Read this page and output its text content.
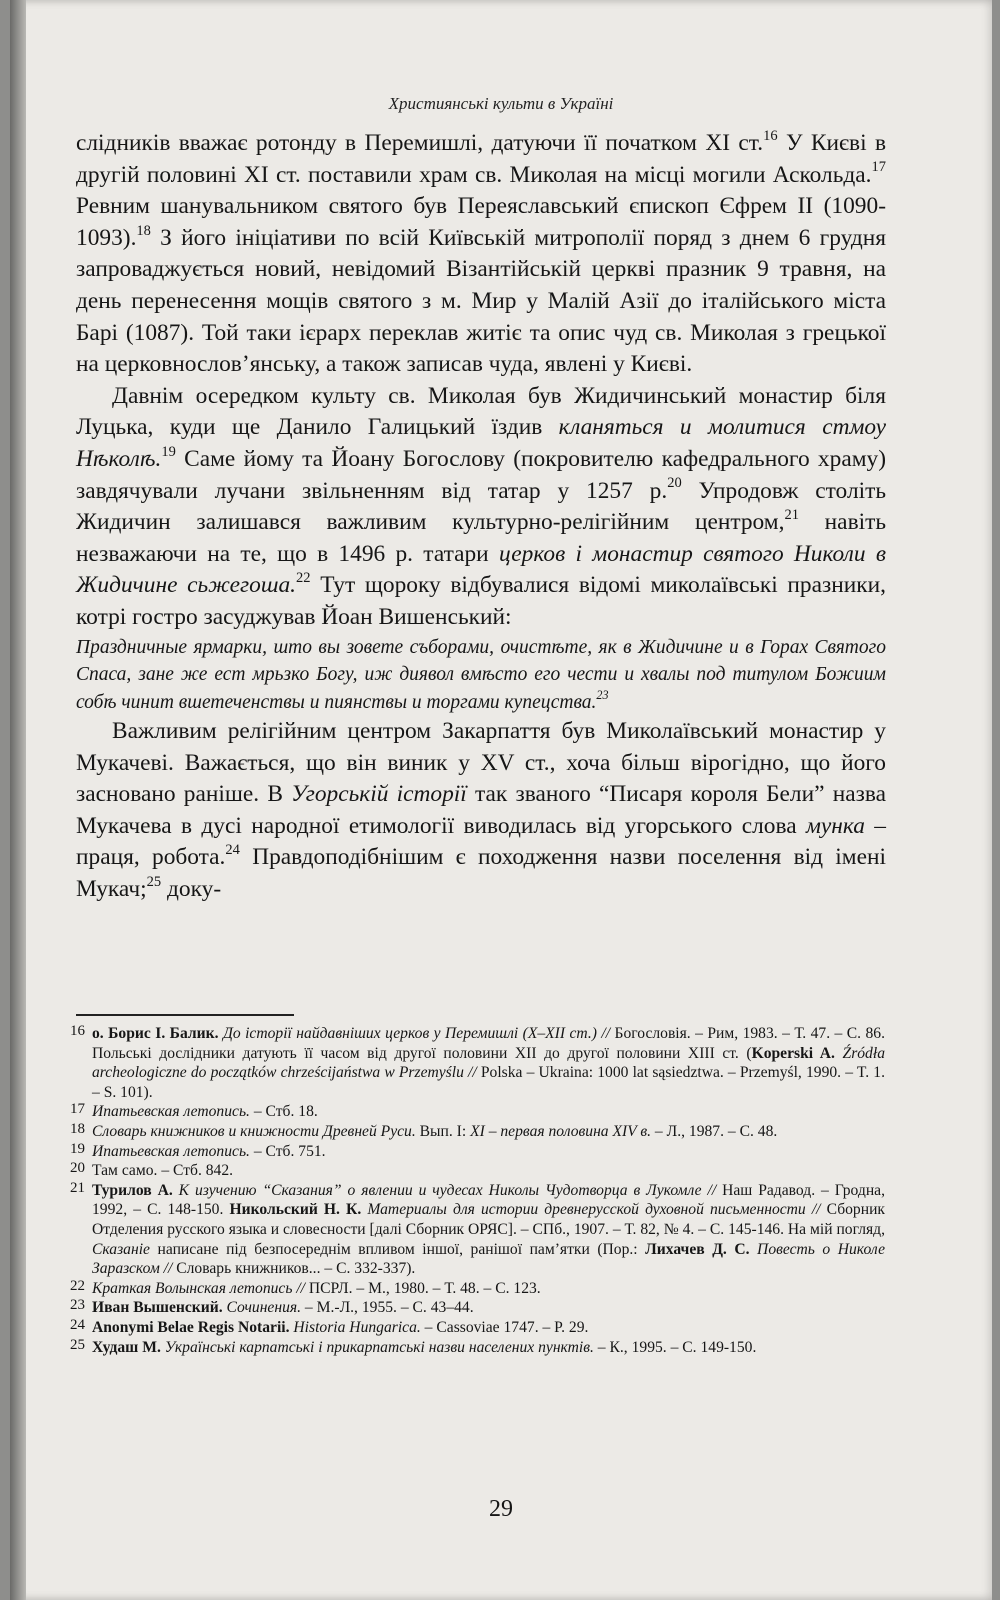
Християнські культи в Україні

слідників вважає ротонду в Перемишлі, датуючи її початком XI ст.$^{16}$ У Києві в другій половині XI ст. поставили храм св. Миколая на місці могили Аскольда.$^{17}$ Ревним шанувальником святого був Переяславський єпископ Єфрем II (1090-1093).$^{18}$ З його ініціативи по всій Київській митрополії поряд з днем 6 грудня запроваджується новий, невідомий Візантійській церкві празник 9 травня, на день перенесення мощів святого з м. Мир у Малій Азії до італійського міста Барі (1087). Той таки ієрарх переклав житіє та опис чуд св. Миколая з грецької на церковнослов’янську, а також записав чуда, явлені у Києві.

Давнім осередком культу св. Миколая був Жидичинський монастир біля Луцька, куди ще Данило Галицький їздив кланяться и молитися стмоу Нѣколѣ.$^{19}$ Саме йому та Йоану Богослову (покровителю кафедрального храму) завдячували лучани звільненням від татар у 1257 р.$^{20}$ Упродовж століть Жидичин залишався важливим культурно-релігійним центром,$^{21}$ навіть незважаючи на те, що в 1496 р. татари церков і монастир святого Николи в Жидичине сьжегоша.$^{22}$ Тут щороку відбувалися відомі миколаївські празники, котрі гостро засуджував Йоан Вишенський:

Праздничные ярмарки, што вы зовете съборами, очистѣте, як в Жидичине и в Горах Святого Спаса, зане же ест мрьзко Богу, иж диявол вмѣсто его чести и хвалы под титулом Божиим собѣ чинит вшетеченствы и пиянствы и торгами купецства.$^{23}$

Важливим релігійним центром Закарпаття був Миколаївський монастир у Мукачеві. Важається, що він виник у XV ст., хоча більш вірогідно, що його засновано раніше. В Угорській історії так званого “Писаря короля Бели” назва Мукачева в дусі народної етимології виводилась від угорського слова мунка – праця, робота.$^{24}$ Правдоподібнішим є походження назви поселення від імені Мукач;$^{25}$ доку-

16 о. Борис І. Балик. До історії найдавніших церков у Перемишлі (X–XII ст.) // Богословія. – Рим, 1983. – Т. 47. – С. 86. Польські дослідники датують її часом від другої половини XII до другої половини XIII ст. (Koperski A. Źródła archeologiczne do początków chrześcijaństwa w Przemyślu // Polska – Ukraina: 1000 lat sąsiedztwa. – Przemyśl, 1990. – T. 1. – S. 101).
17 Ипатьевская летопись. – Стб. 18.
18 Словарь книжников и книжности Древней Руси. Вып. I: XI – первая половина XIV в. – Л., 1987. – С. 48.
19 Ипатьевская летопись. – Стб. 751.
20 Там само. – Стб. 842.
21 Турилов А. К изучению “Сказания” о явлении и чудесах Николы Чудотворца в Лукомле // Наш Радавод. – Гродна, 1992, – С. 148-150. Никольский Н. К. Материалы для истории древнерусской духовной письменности // Сборник Отделения русского языка и словесности [далі Сборник ОРЯС]. – СПб., 1907. – Т. 82, № 4. – С. 145-146. На мій погляд, Сказаніе написане під безпосереднім впливом іншої, ранішої пам’ятки (Пор.: Лихачев Д. С. Повесть о Николе Заразском // Словарь книжников... – С. 332-337).
22 Краткая Волынская летопись // ПСРЛ. – М., 1980. – Т. 48. – С. 123.
23 Иван Вышенский. Сочинения. – М.-Л., 1955. – С. 43–44.
24 Anonymi Belae Regis Notarii. Historia Hungarica. – Cassoviae 1747. – P. 29.
25 Худаш М. Українські карпатські і прикарпатські назви населених пунктів. – К., 1995. – С. 149-150.
29
